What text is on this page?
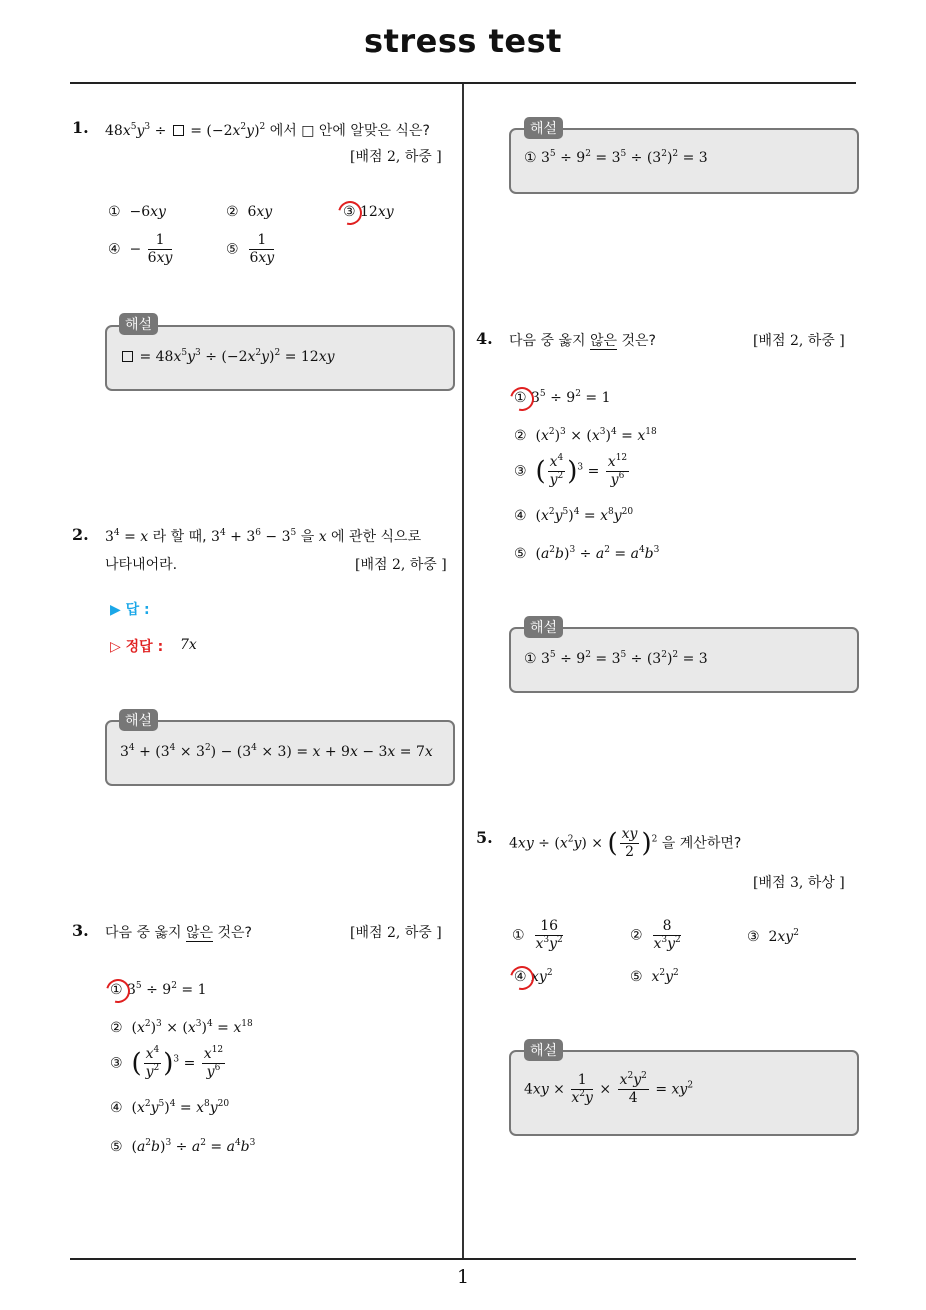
stress test
1
1. $48x^5y^3$ ÷  = $(-2x^2y)^2$ 에서 □ 안에 알맞은 식은?
[배점 2, 하중 ]
①  −6xy	②  6xy	③ 12xy
④  − $\frac{1}{6xy}$	⑤ $\frac{1}{6xy}$
= $48x^5y^3 \div (-2x^2y)^2 = 12xy$
해설
2. $3^4 = x$ 라 할 때, $3^4 + 3^6 - 3^5$ 을 x 에 관한 식으로
나타내어라.	[배점 2, 하중 ]
▶ 답 :
▷ 정답 : 7x
$3^4 + (3^4 \times 3^2) - (3^4 \times 3) = x + 9x - 3x = 7x$
해설
3. 다음 중 옳지 않은 것은?	[배점 2, 하중 ]
① $3^5 \div 9^2 = 1$
②  $(x^2)^3 \times (x^3)^4 = x^{18}$
③ ( $\frac{x^4}{y^2} )^3 = \frac{x^{12}}{y^6}$
④  $(x^2y^5)^4 = x^8y^{20}$
⑤  $(a^2b)^3 \div a^2 = a^4b^3$
① $3^5 \div 9^2 = 3^5 \div (3^2)^2 = 3$
해설
4. 다음 중 옳지 않은 것은?	[배점 2, 하중 ]
① $3^5 \div 9^2 = 1$
②  $(x^2)^3 \times (x^3)^4 = x^{18}$
③ ( $\frac{x^4}{y^2} )^3 = \frac{x^{12}}{y^6}$
④  $(x^2y^5)^4 = x^8y^{20}$
⑤  $(a^2b)^3 \div a^2 = a^4b^3$
① $3^5 \div 9^2 = 3^5 \div (3^2)^2 = 3$
해설
5. $4xy \div (x^2y)$ × ( $\frac{xy}{2} )^2$ 을 계산하면?
[배점 3, 하상 ]
① $\frac{16}{x^3y^2}$	② $\frac{8}{x^3y^2}$	③  $2xy^2$
④ $xy^2$	⑤ $x^2y^2$
$4xy \times \frac{1}{x^2y} \times \frac{x^2y^2}{4} = xy^2$
해설
